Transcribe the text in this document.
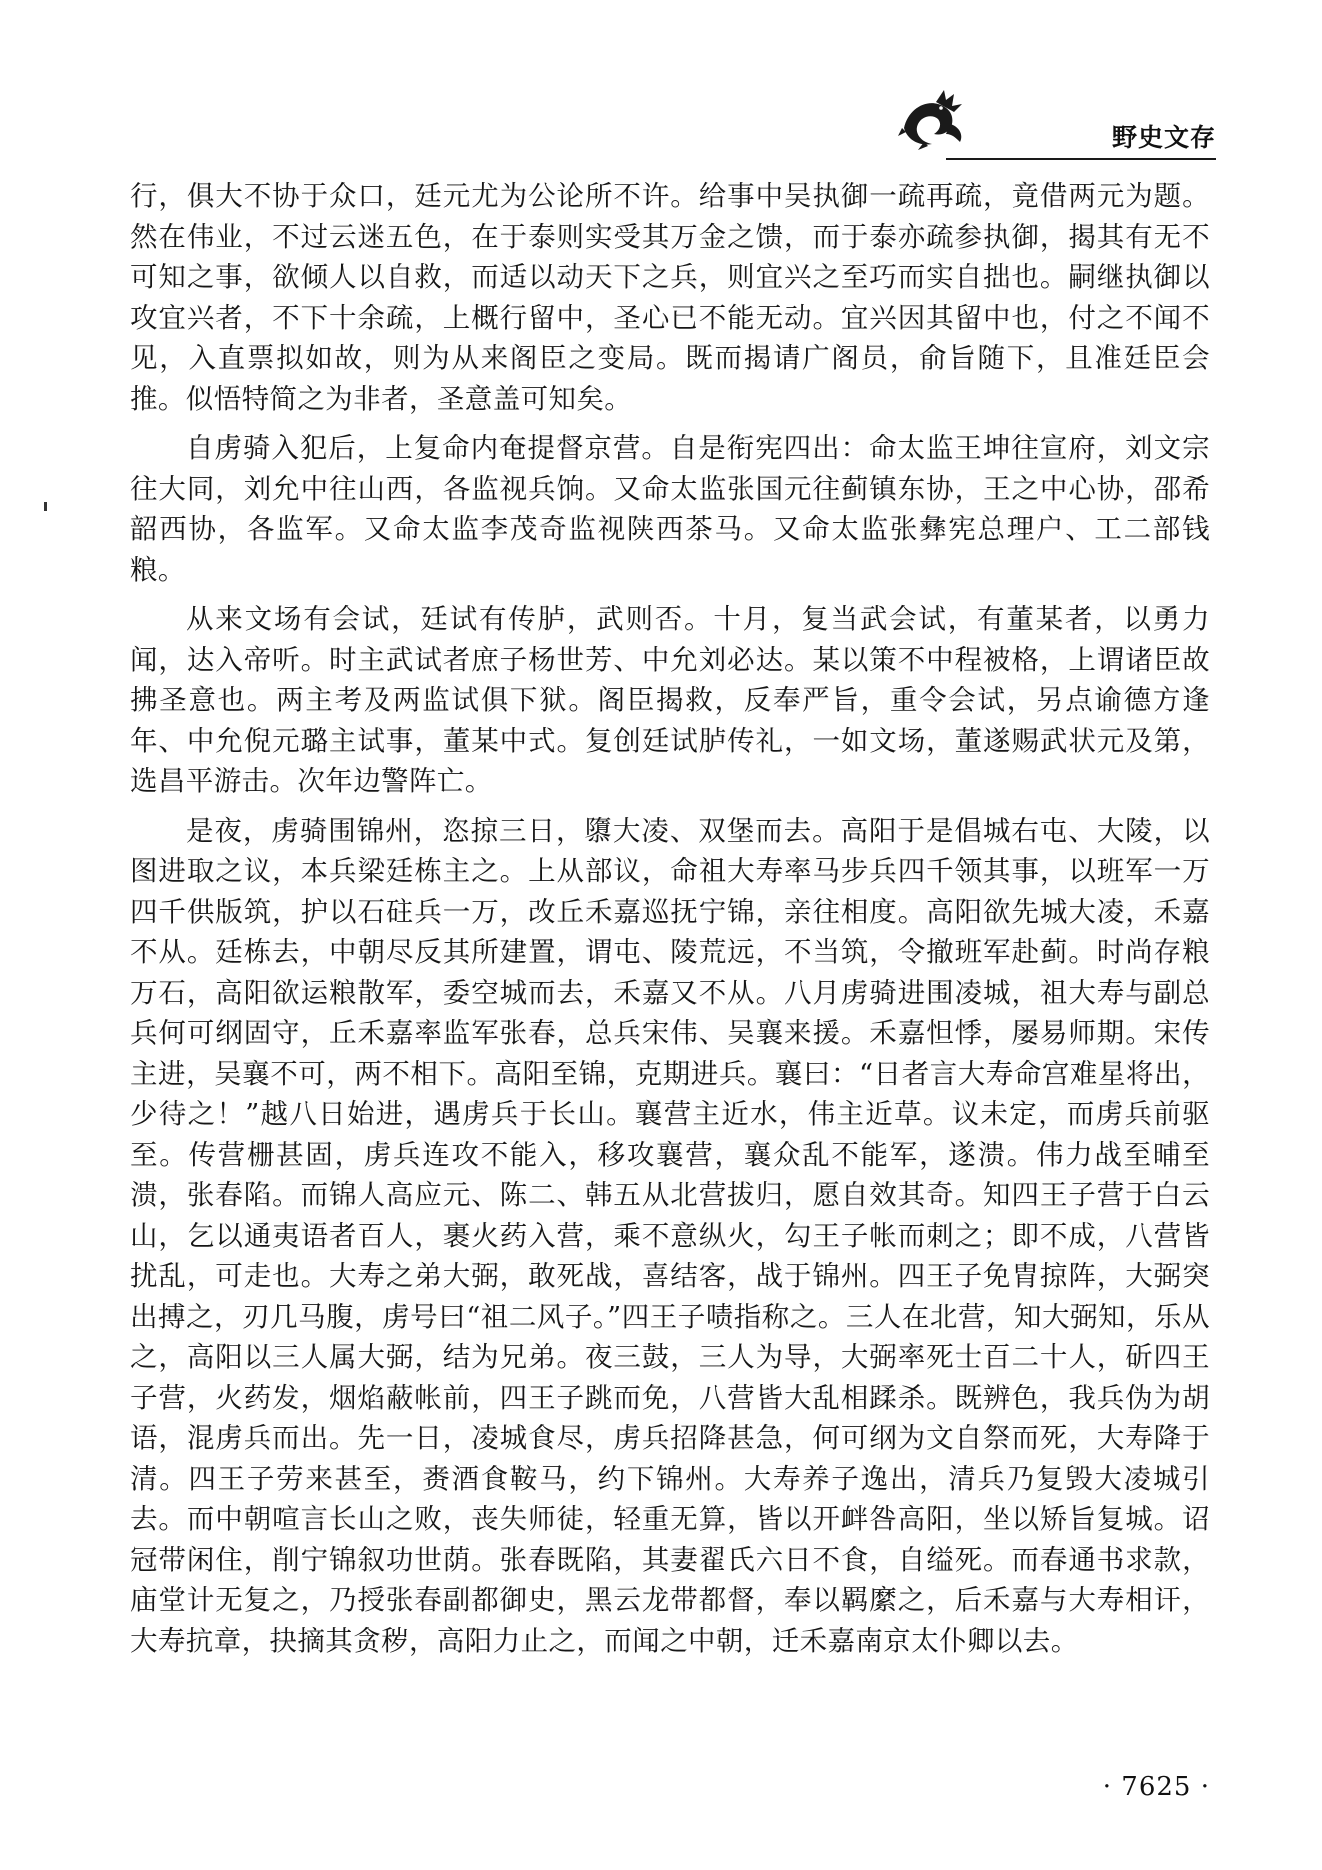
野史文存

行，俱大不协于众口，廷元尤为公论所不许。给事中吴执御一疏再疏，竟借两元为题。然在伟业，不过云迷五色，在于泰则实受其万金之馈，而于泰亦疏参执御，揭其有无不可知之事，欲倾人以自救，而适以动天下之兵，则宜兴之至巧而实自拙也。嗣继执御以攻宜兴者，不下十余疏，上概行留中，圣心已不能无动。宜兴因其留中也，付之不闻不见，入直票拟如故，则为从来阁臣之变局。既而揭请广阁员，俞旨随下，且准廷臣会推。似悟特简之为非者，圣意盖可知矣。

自虏骑入犯后，上复命内奄提督京营。自是衔宪四出：命太监王坤往宣府，刘文宗往大同，刘允中往山西，各监视兵饷。又命太监张国元往蓟镇东协，王之中心协，邵希韶西协，各监军。又命太监李茂奇监视陕西茶马。又命太监张彝宪总理户、工二部钱粮。

从来文场有会试，廷试有传胪，武则否。十月，复当武会试，有董某者，以勇力闻，达入帝听。时主武试者庶子杨世芳、中允刘必达。某以策不中程被格，上谓诸臣故拂圣意也。两主考及两监试俱下狱。阁臣揭救，反奉严旨，重令会试，另点谕德方逢年、中允倪元璐主试事，董某中式。复创廷试胪传礼，一如文场，董遂赐武状元及第，选昌平游击。次年边警阵亡。

是夜，虏骑围锦州，恣掠三日，隳大凌、双堡而去。高阳于是倡城右屯、大陵，以图进取之议，本兵梁廷栋主之。上从部议，命祖大寿率马步兵四千领其事，以班军一万四千供版筑，护以石砫兵一万，改丘禾嘉巡抚宁锦，亲往相度。高阳欲先城大凌，禾嘉不从。廷栋去，中朝尽反其所建置，谓屯、陵荒远，不当筑，令撤班军赴蓟。时尚存粮万石，高阳欲运粮散军，委空城而去，禾嘉又不从。八月虏骑进围凌城，祖大寿与副总兵何可纲固守，丘禾嘉率监军张春，总兵宋伟、吴襄来援。禾嘉怛悸，屡易师期。宋传主进，吴襄不可，两不相下。高阳至锦，克期进兵。襄曰：“日者言大寿命宫难星将出，少待之！”越八日始进，遇虏兵于长山。襄营主近水，伟主近草。议未定，而虏兵前驱至。传营栅甚固，虏兵连攻不能入，移攻襄营，襄众乱不能军，遂溃。伟力战至晡至溃，张春陷。而锦人高应元、陈二、韩五从北营拔归，愿自效其奇。知四王子营于白云山，乞以通夷语者百人，裹火药入营，乘不意纵火，勾王子帐而刺之；即不成，八营皆扰乱，可走也。大寿之弟大弼，敢死战，喜结客，战于锦州。四王子免胄掠阵，大弼突出搏之，刃几马腹，虏号曰“祖二风子。”四王子啧指称之。三人在北营，知大弼知，乐从之，高阳以三人属大弼，结为兄弟。夜三鼓，三人为导，大弼率死士百二十人，斫四王子营，火药发，烟焰蔽帐前，四王子跳而免，八营皆大乱相蹂杀。既辨色，我兵伪为胡语，混虏兵而出。先一日，凌城食尽，虏兵招降甚急，何可纲为文自祭而死，大寿降于清。四王子劳来甚至，赉酒食鞍马，约下锦州。大寿养子逸出，清兵乃复毁大凌城引去。而中朝喧言长山之败，丧失师徒，轻重无算，皆以开衅咎高阳，坐以矫旨复城。诏冠带闲住，削宁锦叙功世荫。张春既陷，其妻翟氏六日不食，自缢死。而春通书求款，庙堂计无复之，乃授张春副都御史，黑云龙带都督，奉以羁縻之，后禾嘉与大寿相讦，大寿抗章，抉摘其贪秽，高阳力止之，而闻之中朝，迁禾嘉南京太仆卿以去。

· 7625 ·
